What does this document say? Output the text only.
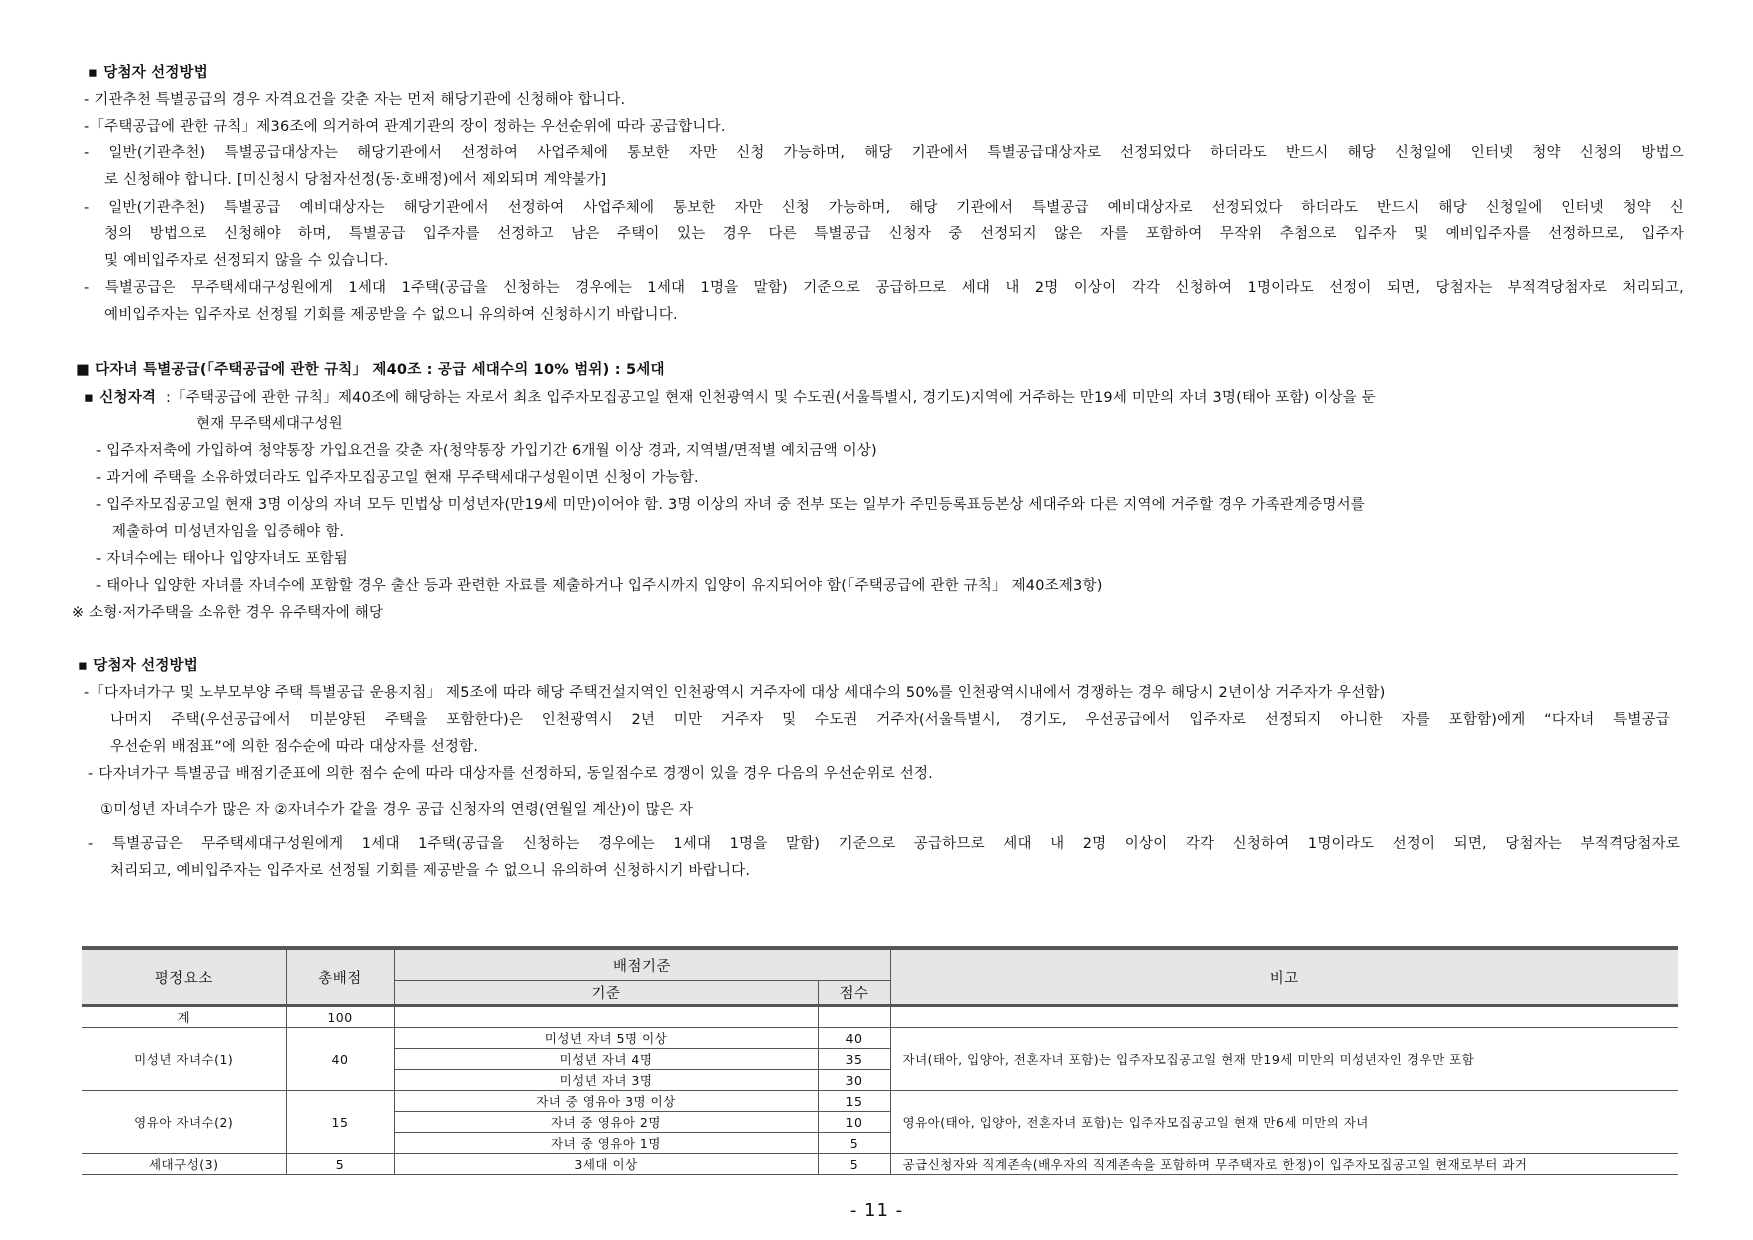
▪ 당첨자 선정방법
- 기관추천 특별공급의 경우 자격요건을 갖춘 자는 먼저 해당기관에 신청해야 합니다.
-「주택공급에 관한 규칙」제36조에 의거하여 관계기관의 장이 정하는 우선순위에 따라 공급합니다.
- 일반(기관추천) 특별공급대상자는 해당기관에서 선정하여 사업주체에 통보한 자만 신청 가능하며, 해당 기관에서 특별공급대상자로 선정되었다 하더라도 반드시 해당 신청일에 인터넷 청약 신청의 방법으
로 신청해야 합니다. [미신청시 당첨자선정(동·호배정)에서 제외되며 계약불가]
- 일반(기관추천) 특별공급 예비대상자는 해당기관에서 선정하여 사업주체에 통보한 자만 신청 가능하며, 해당 기관에서 특별공급 예비대상자로 선정되었다 하더라도 반드시 해당 신청일에 인터넷 청약 신
청의 방법으로 신청해야 하며, 특별공급 입주자를 선정하고 남은 주택이 있는 경우 다른 특별공급 신청자 중 선정되지 않은 자를 포함하여 무작위 추첨으로 입주자 및 예비입주자를 선정하므로, 입주자
및 예비입주자로 선정되지 않을 수 있습니다.
- 특별공급은 무주택세대구성원에게 1세대 1주택(공급을 신청하는 경우에는 1세대 1명을 말함) 기준으로 공급하므로 세대 내 2명 이상이 각각 신청하여 1명이라도 선정이 되면, 당첨자는 부적격당첨자로 처리되고,
예비입주자는 입주자로 선정될 기회를 제공받을 수 없으니 유의하여 신청하시기 바랍니다.
■ 다자녀 특별공급(「주택공급에 관한 규칙」 제40조 : 공급 세대수의 10% 범위) : 5세대
▪ 신청자격 :「주택공급에 관한 규칙」제40조에 해당하는 자로서 최초 입주자모집공고일 현재 인천광역시 및 수도권(서울특별시, 경기도)지역에 거주하는 만19세 미만의 자녀 3명(태아 포함) 이상을 둔
현재 무주택세대구성원
- 입주자저축에 가입하여 청약통장 가입요건을 갖춘 자(청약통장 가입기간 6개월 이상 경과, 지역별/면적별 예치금액 이상)
- 과거에 주택을 소유하였더라도 입주자모집공고일 현재 무주택세대구성원이면 신청이 가능함.
- 입주자모집공고일 현재 3명 이상의 자녀 모두 민법상 미성년자(만19세 미만)이어야 함. 3명 이상의 자녀 중 전부 또는 일부가 주민등록표등본상 세대주와 다른 지역에 거주할 경우 가족관계증명서를
제출하여 미성년자임을 입증해야 함.
- 자녀수에는 태아나 입양자녀도 포함됨
- 태아나 입양한 자녀를 자녀수에 포함할 경우 출산 등과 관련한 자료를 제출하거나 입주시까지 입양이 유지되어야 함(「주택공급에 관한 규칙」 제40조제3항)
※ 소형·저가주택을 소유한 경우 유주택자에 해당
▪ 당첨자 선정방법
-「다자녀가구 및 노부모부양 주택 특별공급 운용지침」 제5조에 따라 해당 주택건설지역인 인천광역시 거주자에 대상 세대수의 50%를 인천광역시내에서 경쟁하는 경우 해당시 2년이상 거주자가 우선함)
나머지 주택(우선공급에서 미분양된 주택을 포함한다)은 인천광역시 2년 미만 거주자 및 수도권 거주자(서울특별시, 경기도, 우선공급에서 입주자로 선정되지 아니한 자를 포함함)에게 “다자녀 특별공급
우선순위 배점표”에 의한 점수순에 따라 대상자를 선정함.
- 다자녀가구 특별공급 배점기준표에 의한 점수 순에 따라 대상자를 선정하되, 동일점수로 경쟁이 있을 경우 다음의 우선순위로 선정.
①미성년 자녀수가 많은 자 ②자녀수가 같을 경우 공급 신청자의 연령(연월일 계산)이 많은 자
- 특별공급은 무주택세대구성원에게 1세대 1주택(공급을 신청하는 경우에는 1세대 1명을 말함) 기준으로 공급하므로 세대 내 2명 이상이 각각 신청하여 1명이라도 선정이 되면, 당첨자는 부적격당첨자로
처리되고, 예비입주자는 입주자로 선정될 기회를 제공받을 수 없으니 유의하여 신청하시기 바랍니다.
평정요소	총배점	배점기준		비고
		기준	점수	
계	100			
미성년 자녀수(1)	40	미성년 자녀 5명 이상	40	자녀(태아, 입양아, 전혼자녀 포함)는 입주자모집공고일 현재 만19세 미만의 미성년자인 경우만 포함
		미성년 자녀 4명	35	
		미성년 자녀 3명	30	
영유아 자녀수(2)	15	자녀 중 영유아 3명 이상	15	영유아(태아, 입양아, 전혼자녀 포함)는 입주자모집공고일 현재 만6세 미만의 자녀
		자녀 중 영유아 2명	10	
		자녀 중 영유아 1명	5	
세대구성(3)	5	3세대 이상	5	공급신청자와 직계존속(배우자의 직계존속을 포함하며 무주택자로 한정)이 입주자모집공고일 현재로부터 과거
- 11 -
